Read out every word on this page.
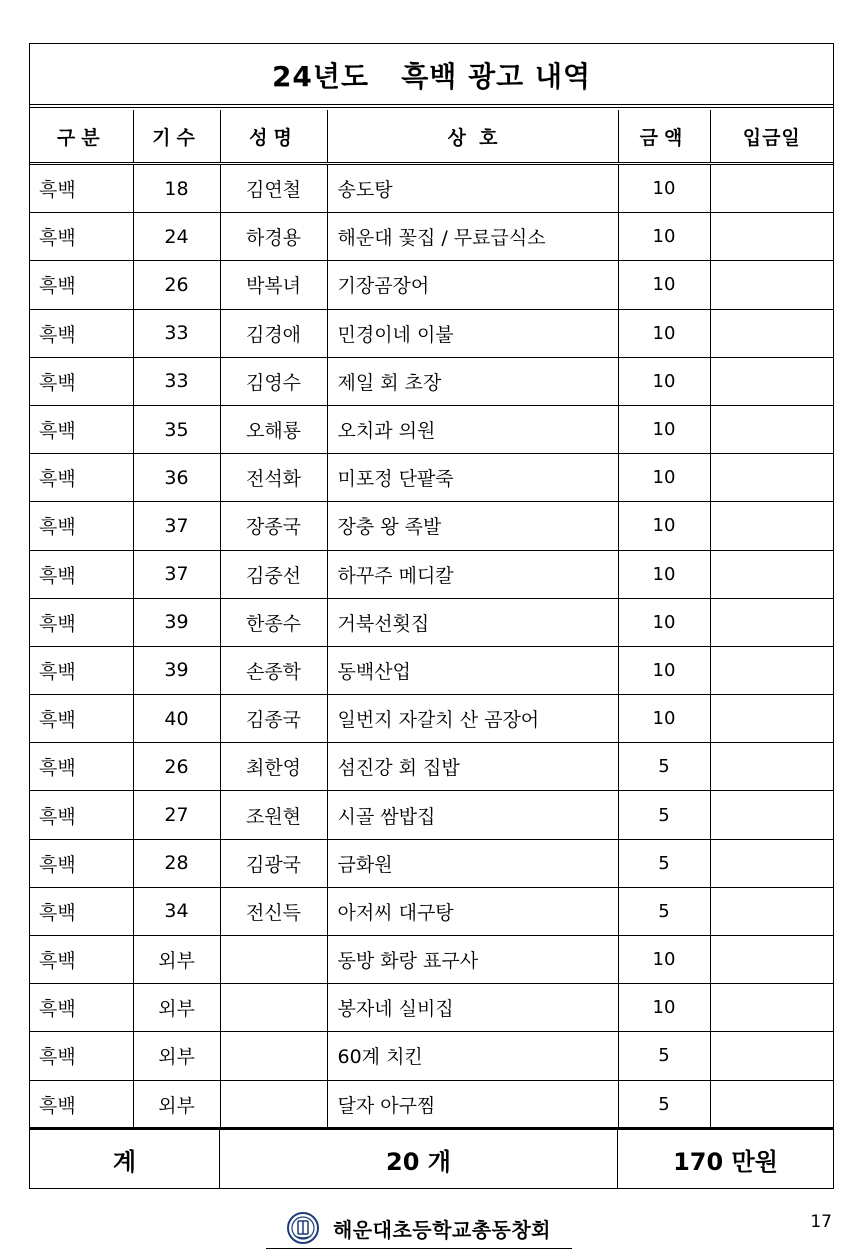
24년도   흑백 광고 내역
구분	기수	성명	상  호	금액	입금일
흑백	18	김연철	송도탕	10	
흑백	24	하경용	해운대 꽃집 / 무료급식소	10	
흑백	26	박복녀	기장곰장어	10	
흑백	33	김경애	민경이네 이불	10	
흑백	33	김영수	제일 회 초장	10	
흑백	35	오해룡	오치과 의원	10	
흑백	36	전석화	미포정 단팥죽	10	
흑백	37	장종국	장충 왕 족발	10	
흑백	37	김중선	하꾸주 메디칼	10	
흑백	39	한종수	거북선횟집	10	
흑백	39	손종학	동백산업	10	
흑백	40	김종국	일번지 자갈치 산 곰장어	10	
흑백	26	최한영	섬진강 회 집밥	5	
흑백	27	조원현	시골 쌈밥집	5	
흑백	28	김광국	금화원	5	
흑백	34	전신득	아저씨 대구탕	5	
흑백	외부		동방 화랑 표구사	10	
흑백	외부		봉자네 실비집	10	
흑백	외부		60계 치킨	5	
흑백	외부		달자 아구찜	5	
계	20 개	170 만원
해운대초등학교총동창회	17
